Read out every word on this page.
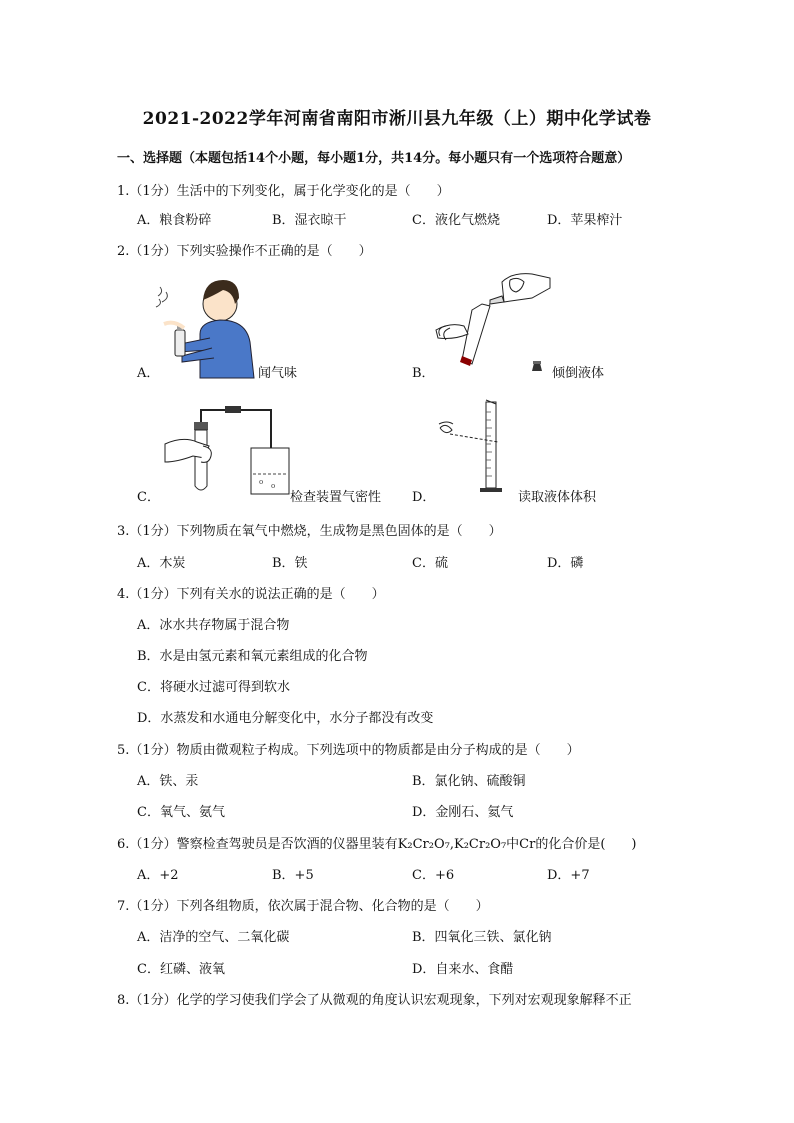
2021-2022学年河南省南阳市淅川县九年级（上）期中化学试卷
一、选择题（本题包括14个小题，每小题1分，共14分。每小题只有一个选项符合题意）
1.（1分）生活中的下列变化，属于化学变化的是（　　）
A．粮食粉碎	B．湿衣晾干	C．液化气燃烧	D．苹果榨汁
2.（1分）下列实验操作不正确的是（　　）
A．	闻气味	B．	倾倒液体
o o
C．	检查装置气密性 D．	读取液体体积
3.（1分）下列物质在氧气中燃烧，生成物是黑色固体的是（　　）
A．木炭	B．铁	C．硫	D．磷
4.（1分）下列有关水的说法正确的是（　　）
A．冰水共存物属于混合物
B．水是由氢元素和氧元素组成的化合物
C．将硬水过滤可得到软水
D．水蒸发和水通电分解变化中，水分子都没有改变
5.（1分）物质由微观粒子构成。下列选项中的物质都是由分子构成的是（　　）
A．铁、汞	B．氯化钠、硫酸铜
C．氧气、氨气	D．金刚石、氦气
6.（1分）警察检查驾驶员是否饮酒的仪器里装有K₂Cr₂O₇,K₂Cr₂O₇中Cr的化合价是(　　)
A．+2	B．+5	C．+6	D．+7
7.（1分）下列各组物质，依次属于混合物、化合物的是（　　）
A．洁净的空气、二氧化碳	B．四氧化三铁、氯化钠
C．红磷、液氧	D．自来水、食醋
8.（1分）化学的学习使我们学会了从微观的角度认识宏观现象，下列对宏观现象解释不正
